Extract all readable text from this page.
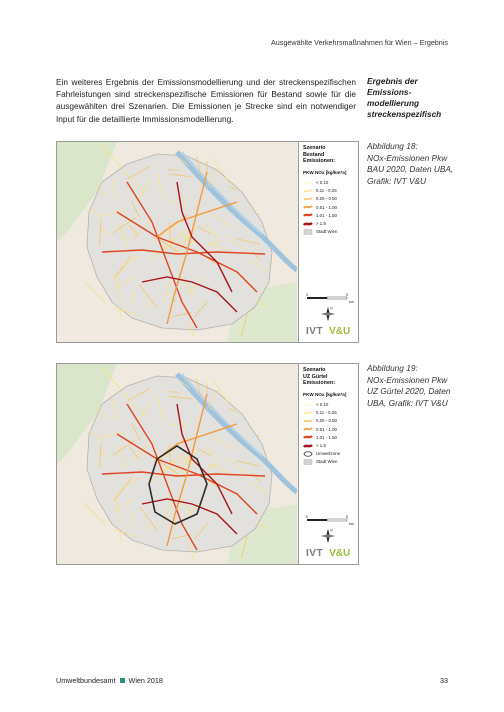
Ausgewählte Verkehrsmaßnahmen für Wien – Ergebnis
Ein weiteres Ergebnis der Emissionsmodellierung und der streckenspezifischen Fahrleistungen sind streckenspezifische Emissionen für Bestand sowie für die ausgewählten drei Szenarien. Die Emissionen je Strecke sind ein notwendiger Input für die detaillierte Immissionsmodellierung.
Ergebnis der
Emissions-
modellierung
streckenspezifisch
Szenario
Bestand
Emissionen:
PKW NOx [kg/km*a]
< 0.10
0.11 - 0.25
0.26 - 0.50
0.51 - 1.00
1.01 - 1.50
> 1.5
Stadt Wien
0	5
km
N
IVT V&U
Abbildung 18:
NOx-Emissionen Pkw
BAU 2020, Daten UBA,
Grafik: IVT V&U
Szenario
UZ Gürtel
Emissionen:
PKW NOx [kg/km*a]
< 0.10
0.11 - 0.25
0.26 - 0.50
0.51 - 1.00
1.01 - 1.50
> 1.5
Umweltzone
Stadt Wien
0	5
km
N
IVT V&U
Abbildung 19:
NOx-Emissionen Pkw
UZ Gürtel 2020, Daten
UBA, Grafik: IVT V&U
Umweltbundesamt Wien 2018	33
